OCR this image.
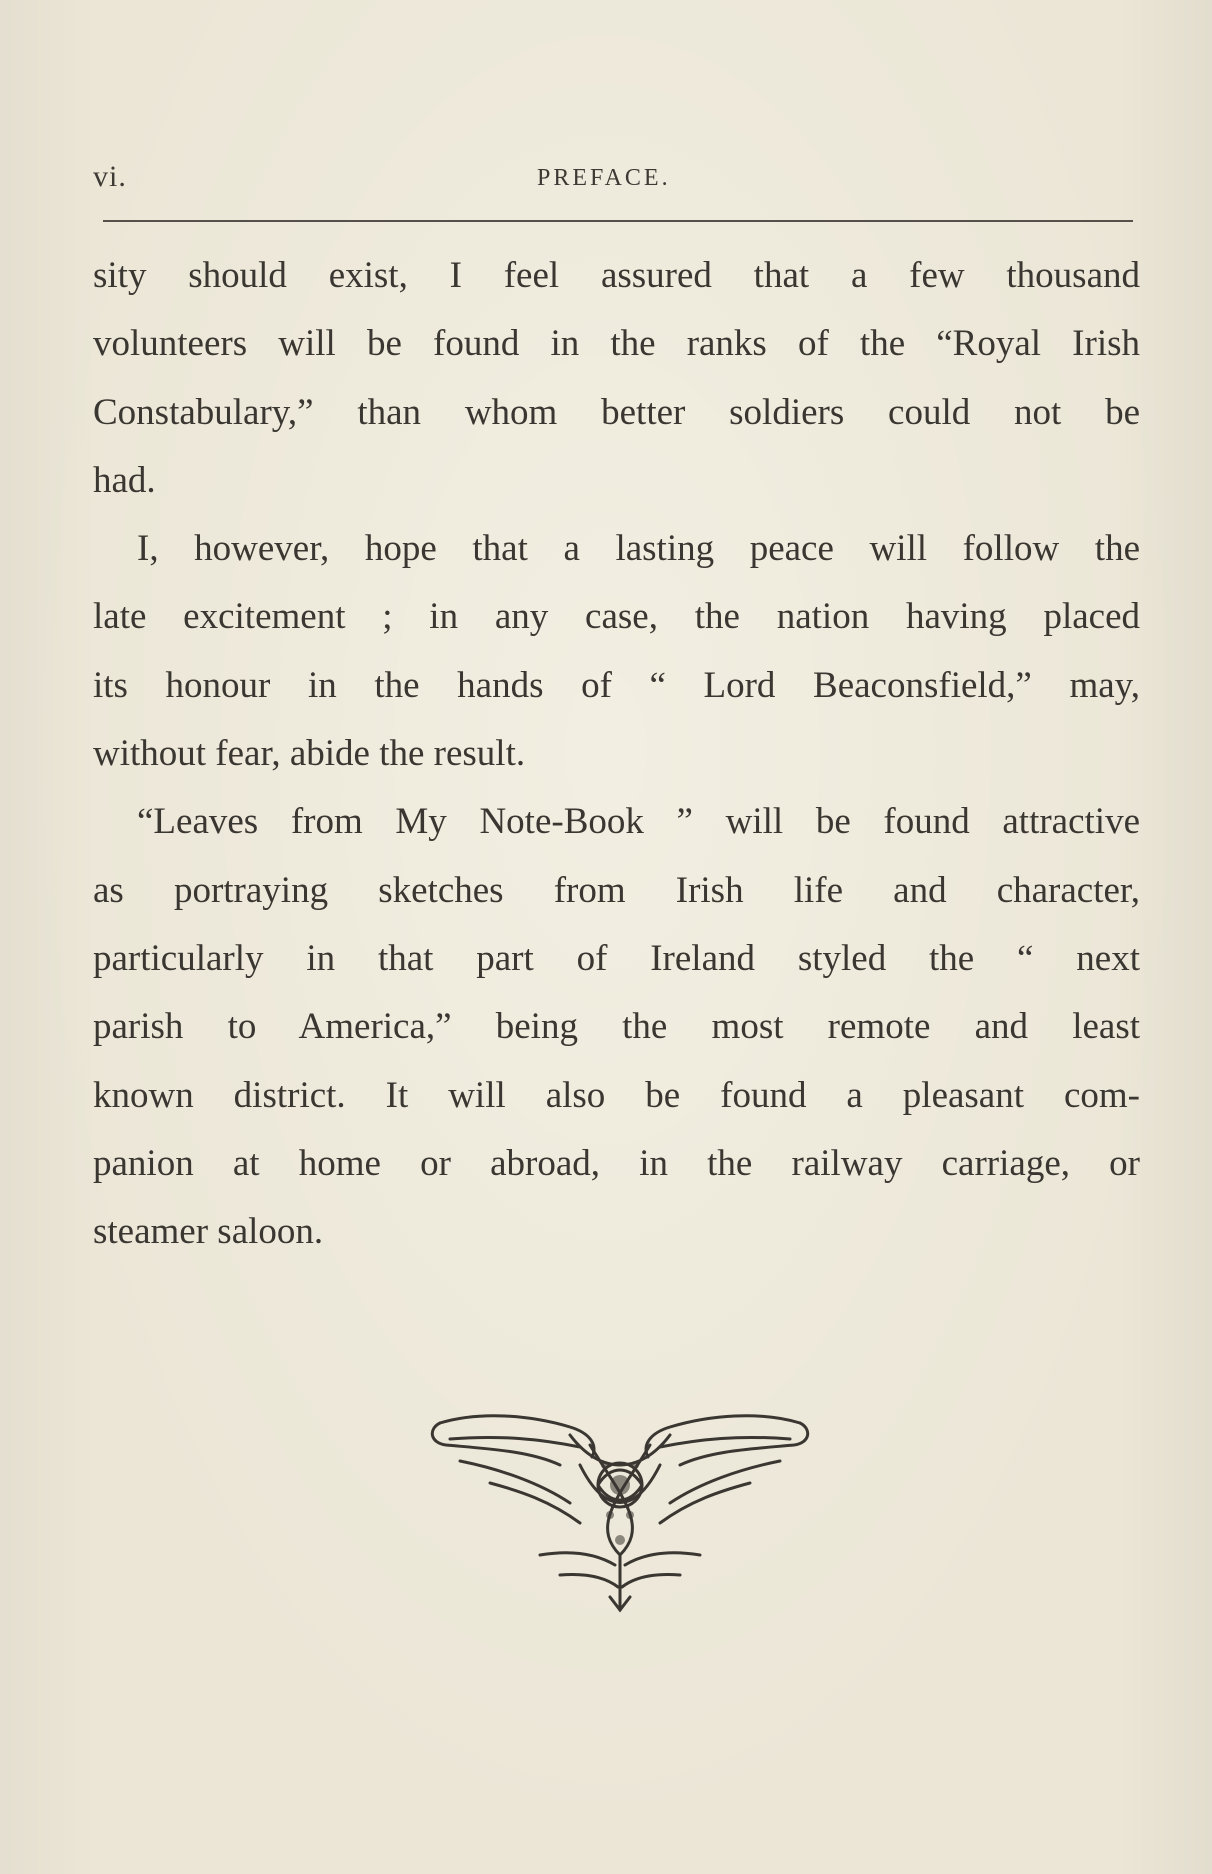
vi.	PREFACE.
sity should exist, I feel assured that a few thousand
volunteers will be found in the ranks of the “Royal Irish
Constabulary,” than whom better soldiers could not be
had.
I, however, hope that a lasting peace will follow the
late excitement ; in any case, the nation having placed
its honour in the hands of “ Lord Beaconsfield,” may,
without fear, abide the result.
“Leaves from My Note-Book ” will be found attractive
as portraying sketches from Irish life and character,
particularly in that part of Ireland styled the “ next
parish to America,” being the most remote and least
known district. It will also be found a pleasant com-
panion at home or abroad, in the railway carriage, or
steamer saloon.
